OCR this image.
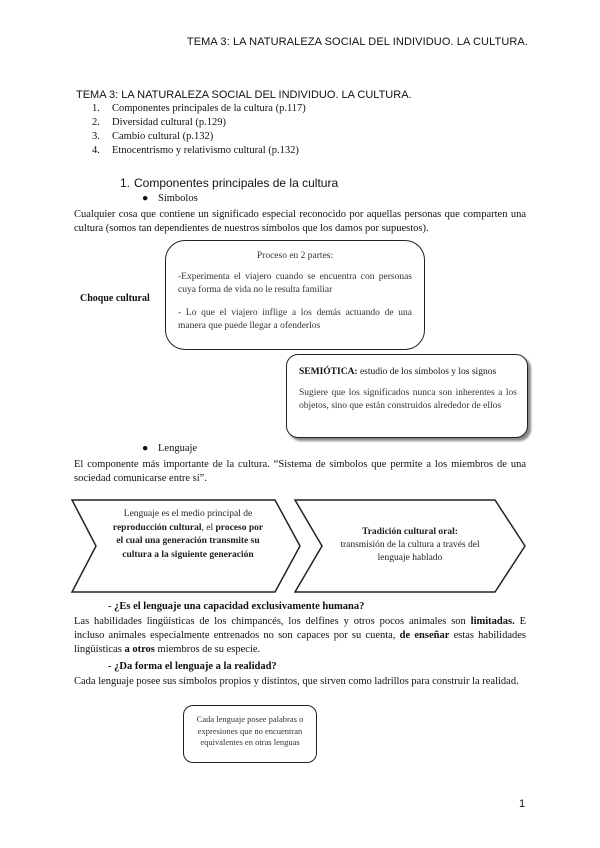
TEMA 3: LA NATURALEZA SOCIAL DEL INDIVIDUO. LA CULTURA.
TEMA 3: LA NATURALEZA SOCIAL DEL INDIVIDUO. LA CULTURA.
1. Componentes principales de la cultura (p.117)
2. Diversidad cultural (p.129)
3. Cambio cultural (p.132)
4. Etnocentrismo y relativismo cultural (p.132)
1. Componentes principales de la cultura
● Símbolos
Cualquier cosa que contiene un significado especial reconocido por aquellas personas que comparten una cultura (somos tan dependientes de nuestros símbolos que los damos por supuestos).
Choque cultural
Proceso en 2 partes:
-Experimenta el viajero cuando se encuentra con personas cuya forma de vida no le resulta familiar
- Lo que el viajero inflige a los demás actuando de una manera que puede llegar a ofenderlos
SEMIÓTICA: estudio de los símbolos y los signos
Sugiere que los significados nunca son inherentes a los objetos, sino que están construidos alrededor de ellos
● Lenguaje
El componente más importante de la cultura. “Sistema de símbolos que permite a los miembros de una sociedad comunicarse entre sí”.
Lenguaje es el medio principal de reproducción cultural, el proceso por el cual una generación transmite su cultura a la siguiente generación
Tradición cultural oral:
transmisión de la cultura a través del lenguaje hablado
- ¿Es el lenguaje una capacidad exclusivamente humana?
Las habilidades lingüísticas de los chimpancés, los delfines y otros pocos animales son limitadas. E incluso animales especialmente entrenados no son capaces por su cuenta, de enseñar estas habilidades lingüísticas a otros miembros de su especie.
- ¿Da forma el lenguaje a la realidad?
Cada lenguaje posee sus símbolos propios y distintos, que sirven como ladrillos para construir la realidad.
Cada lenguaje posee palabras o expresiones que no encuentran equivalentes en otras lenguas
1
